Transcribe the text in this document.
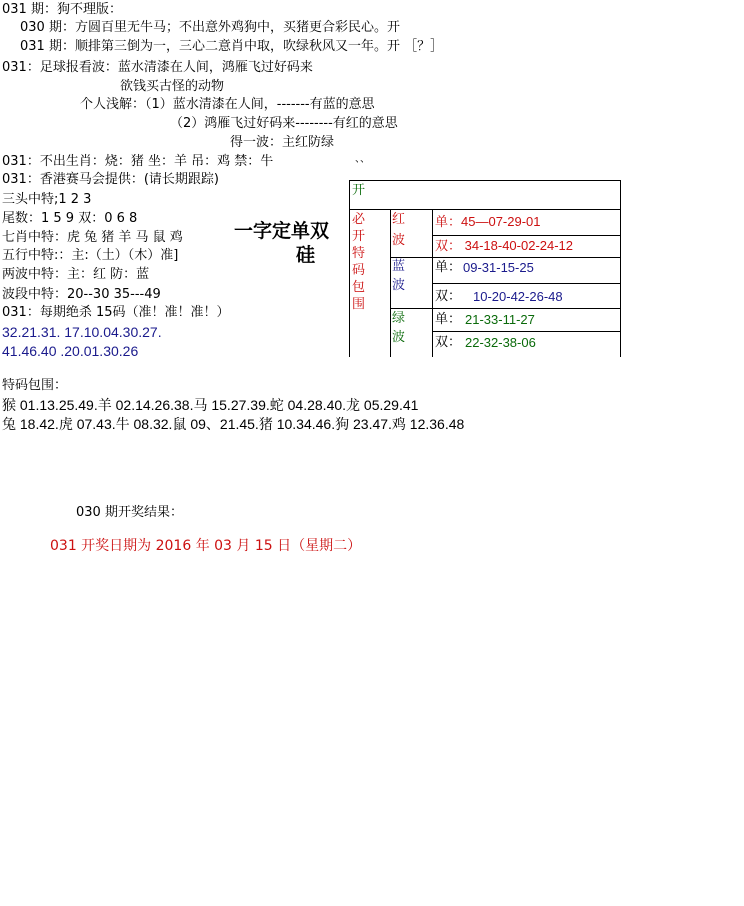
031 期：狗不理版：
030 期：方圆百里无牛马；不出意外鸡狗中，买猪更合彩民心。开
031 期：顺排第三倒为一，三心二意肖中取，吹绿秋风又一年。开 ［？］
031：足球报看波：蓝水清漆在人间，鸿雁飞过好码来
欲钱买古怪的动物
个人浅解：（1）蓝水清漆在人间，-------有蓝的意思
（2）鸿雁飞过好码来--------有红的意思
得一波：主红防绿
031：不出生肖：烧：猪 坐：羊 吊：鸡 禁：牛	、、
031：香港赛马会提供：(请长期跟踪)
三头中特;1 2 3
尾数：1 5 9 双：0 6 8
七肖中特：虎 兔 猪 羊 马 鼠 鸡
五行中特:：主:（土）（木）准]
两波中特：主：红 防：蓝
波段中特：20--30 35---49
031：每期绝杀 15码（准！准！准！）
32.21.31. 17.10.04.30.27.
41.46.40 .20.01.30.26
一字定单双
硅
开
必
开
特
码
包
围
红
波
单：45—07-29-01
双： 34-18-40-02-24-12
蓝
波
单： 09-31-15-25
双： 10-20-42-26-48
绿
波
单： 21-33-11-27
双： 22-32-38-06
特码包围：
猴 01.13.25.49.羊 02.14.26.38.马 15.27.39.蛇 04.28.40.龙 05.29.41
兔 18.42.虎 07.43.牛 08.32.鼠 09、21.45.猪 10.34.46.狗 23.47.鸡 12.36.48
030 期开奖结果：
031 开奖日期为 2016 年 03 月 15 日（星期二）
